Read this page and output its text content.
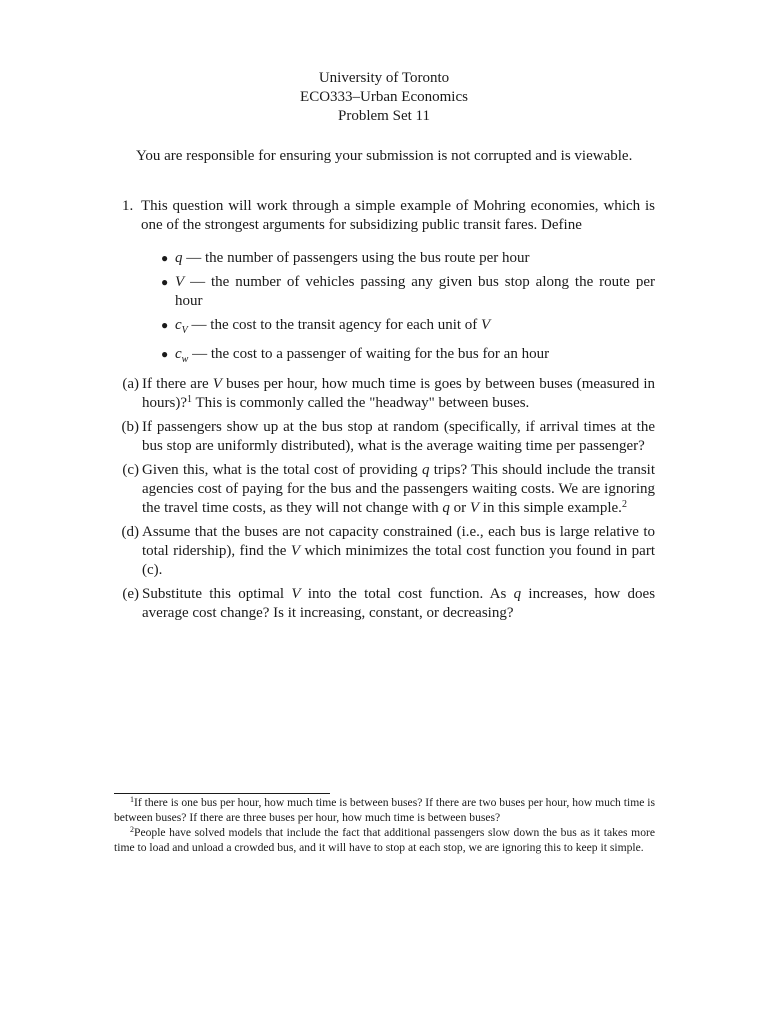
University of Toronto
ECO333–Urban Economics
Problem Set 11
You are responsible for ensuring your submission is not corrupted and is viewable.
1. This question will work through a simple example of Mohring economies, which is one of the strongest arguments for subsidizing public transit fares. Define
● q — the number of passengers using the bus route per hour
● V — the number of vehicles passing any given bus stop along the route per hour
● $c_V$ — the cost to the transit agency for each unit of V
● $c_w$ — the cost to a passenger of waiting for the bus for an hour
(a) If there are V buses per hour, how much time is goes by between buses (measured in hours)?$^1$ This is commonly called the "headway" between buses.
(b) If passengers show up at the bus stop at random (specifically, if arrival times at the bus stop are uniformly distributed), what is the average waiting time per passenger?
(c) Given this, what is the total cost of providing q trips? This should include the transit agencies cost of paying for the bus and the passengers waiting costs. We are ignoring the travel time costs, as they will not change with q or V in this simple example.$^2$
(d) Assume that the buses are not capacity constrained (i.e., each bus is large relative to total ridership), find the V which minimizes the total cost function you found in part (c).
(e) Substitute this optimal V into the total cost function. As q increases, how does average cost change? Is it increasing, constant, or decreasing?
$^1$If there is one bus per hour, how much time is between buses? If there are two buses per hour, how much time is between buses? If there are three buses per hour, how much time is between buses?
$^2$People have solved models that include the fact that additional passengers slow down the bus as it takes more time to load and unload a crowded bus, and it will have to stop at each stop, we are ignoring this to keep it simple.
